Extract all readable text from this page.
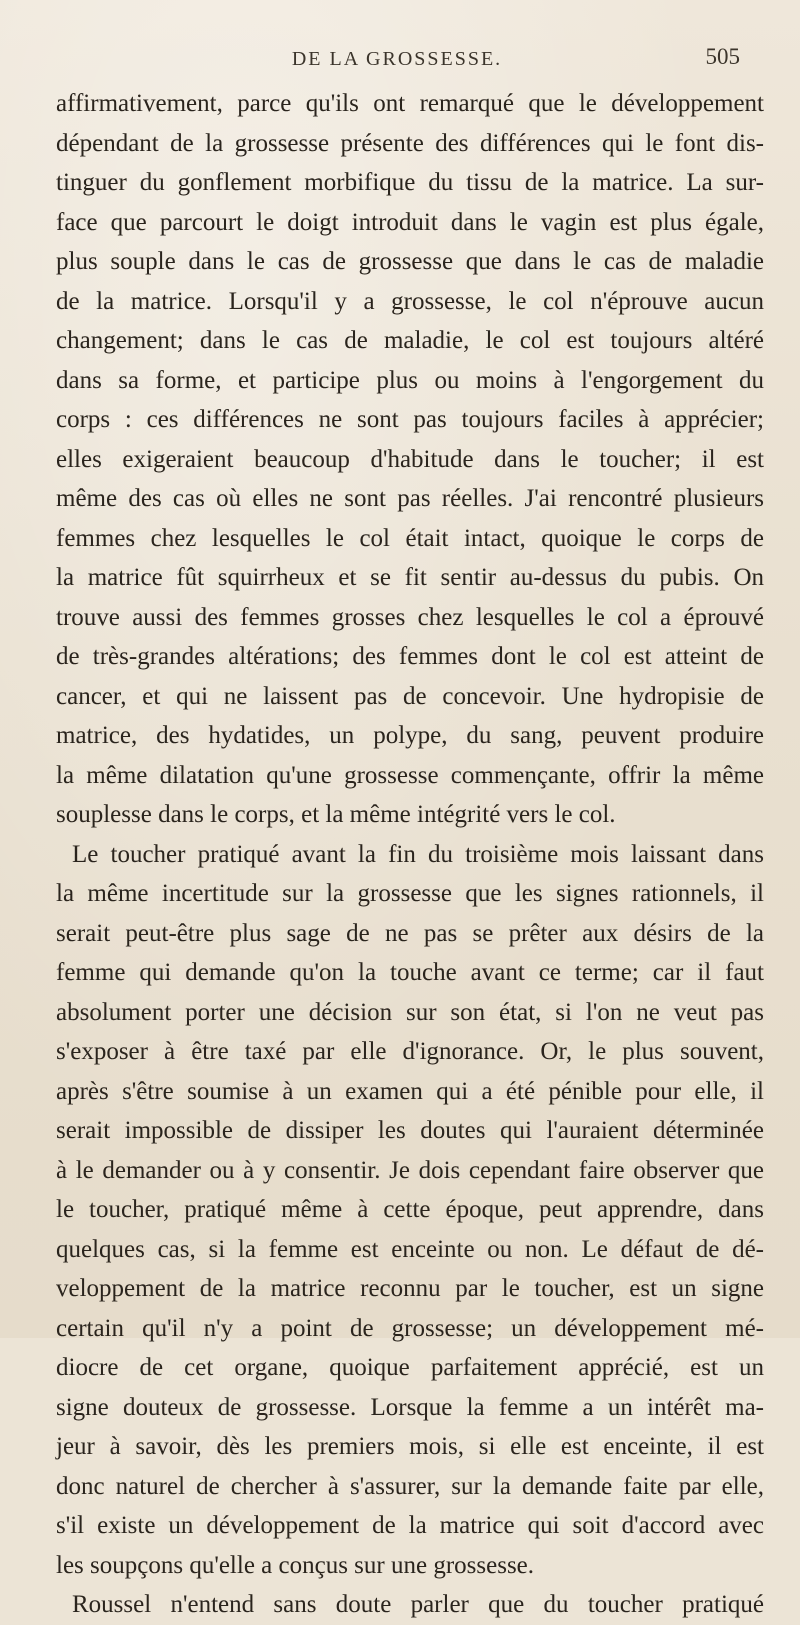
DE LA GROSSESSE.	505
affirmativement, parce qu'ils ont remarqué que le développement
dépendant de la grossesse présente des différences qui le font dis-
tinguer du gonflement morbifique du tissu de la matrice. La sur-
face que parcourt le doigt introduit dans le vagin est plus égale,
plus souple dans le cas de grossesse que dans le cas de maladie
de la matrice. Lorsqu'il y a grossesse, le col n'éprouve aucun
changement; dans le cas de maladie, le col est toujours altéré
dans sa forme, et participe plus ou moins à l'engorgement du
corps : ces différences ne sont pas toujours faciles à apprécier;
elles exigeraient beaucoup d'habitude dans le toucher; il est
même des cas où elles ne sont pas réelles. J'ai rencontré plusieurs
femmes chez lesquelles le col était intact, quoique le corps de
la matrice fût squirrheux et se fit sentir au-dessus du pubis. On
trouve aussi des femmes grosses chez lesquelles le col a éprouvé
de très-grandes altérations; des femmes dont le col est atteint de
cancer, et qui ne laissent pas de concevoir. Une hydropisie de
matrice, des hydatides, un polype, du sang, peuvent produire
la même dilatation qu'une grossesse commençante, offrir la même
souplesse dans le corps, et la même intégrité vers le col.
Le toucher pratiqué avant la fin du troisième mois laissant dans
la même incertitude sur la grossesse que les signes rationnels, il
serait peut-être plus sage de ne pas se prêter aux désirs de la
femme qui demande qu'on la touche avant ce terme; car il faut
absolument porter une décision sur son état, si l'on ne veut pas
s'exposer à être taxé par elle d'ignorance. Or, le plus souvent,
après s'être soumise à un examen qui a été pénible pour elle, il
serait impossible de dissiper les doutes qui l'auraient déterminée
à le demander ou à y consentir. Je dois cependant faire observer que
le toucher, pratiqué même à cette époque, peut apprendre, dans
quelques cas, si la femme est enceinte ou non. Le défaut de dé-
veloppement de la matrice reconnu par le toucher, est un signe
certain qu'il n'y a point de grossesse; un développement mé-
diocre de cet organe, quoique parfaitement apprécié, est un
signe douteux de grossesse. Lorsque la femme a un intérêt ma-
jeur à savoir, dès les premiers mois, si elle est enceinte, il est
donc naturel de chercher à s'assurer, sur la demande faite par elle,
s'il existe un développement de la matrice qui soit d'accord avec
les soupçons qu'elle a conçus sur une grossesse.
Roussel n'entend sans doute parler que du toucher pratiqué
